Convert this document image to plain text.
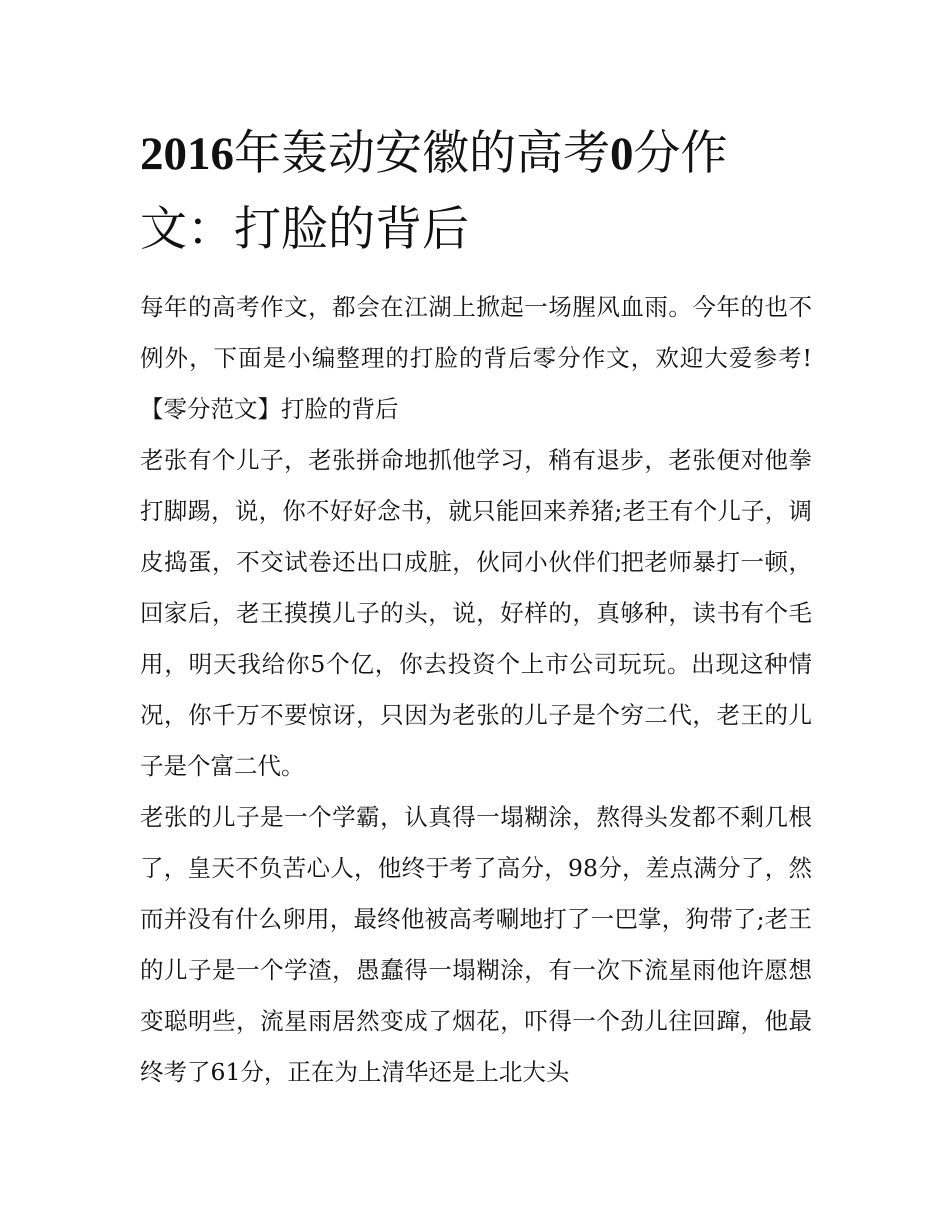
2016年轰动安徽的高考0分作
文：打脸的背后

每年的高考作文，都会在江湖上掀起一场腥风血雨。今年的也不例外，下面是小编整理的打脸的背后零分作文，欢迎大爱参考!【零分范文】打脸的背后

老张有个儿子，老张拼命地抓他学习，稍有退步，老张便对他拳打脚踢，说，你不好好念书，就只能回来养猪;老王有个儿子，调皮捣蛋，不交试卷还出口成脏，伙同小伙伴们把老师暴打一顿，回家后，老王摸摸儿子的头，说，好样的，真够种，读书有个毛用，明天我给你5个亿，你去投资个上市公司玩玩。出现这种情况，你千万不要惊讶，只因为老张的儿子是个穷二代，老王的儿子是个富二代。

老张的儿子是一个学霸，认真得一塌糊涂，熬得头发都不剩几根了，皇天不负苦心人，他终于考了高分，98分，差点满分了，然而并没有什么卵用，最终他被高考唰地打了一巴掌，狗带了;老王的儿子是一个学渣，愚蠢得一塌糊涂，有一次下流星雨他许愿想变聪明些，流星雨居然变成了烟花，吓得一个劲儿往回蹿，他最终考了61分，正在为上清华还是上北大头
